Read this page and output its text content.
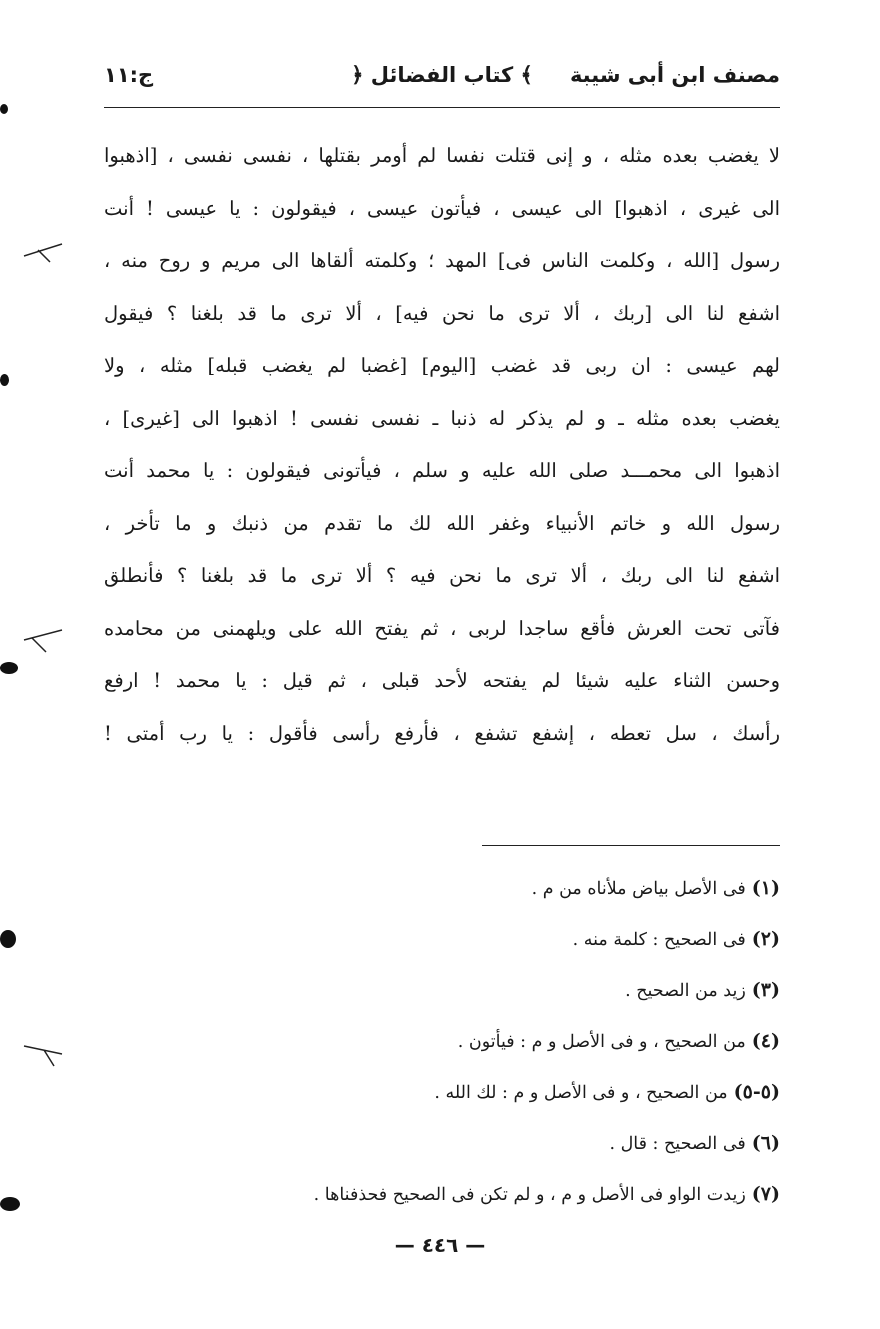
مصنف ابن أبى شيبة
﴿ كتاب الفضائل ﴾
ج:١١
لا يغضب بعده مثله ، و إنى قتلت نفسا لم أومر بقتلها ، نفسى نفسى ، [اذهبوا
الى غيرى ، اذهبوا] الى عيسى ، فيأتون عيسى ، فيقولون : يا عيسى ! أنت
رسول [الله ، وكلمت الناس فى] المهد ؛ وكلمته ألقاها الى مريم و روح منه ،
اشفع لنا الى [ربك ، ألا ترى ما نحن فيه] ، ألا ترى ما قد بلغنا ؟ فيقول
لهم عيسى : ان ربى قد غضب [اليوم] [غضبا لم يغضب قبله] مثله ، ولا
يغضب بعده مثله ـ و لم يذكر له ذنبا ـ نفسى نفسى ! اذهبوا الى [غيرى] ،
اذهبوا الى محمـــد صلى الله عليه و سلم ، فيأتونى فيقولون : يا محمد أنت
رسول الله و خاتم الأنبياء وغفر الله لك ما تقدم من ذنبك و ما تأخر ،
اشفع لنا الى ربك ، ألا ترى ما نحن فيه ؟ ألا ترى ما قد بلغنا ؟ فأنطلق
فآتى تحت العرش فأقع ساجدا لربى ، ثم يفتح الله على ويلهمنى من محامده
وحسن الثناء عليه شيئا لم يفتحه لأحد قبلى ، ثم قيل : يا محمد ! ارفع
رأسك ، سل تعطه ، إشفع تشفع ، فأرفع رأسى فأقول : يا رب أمتى !
(١)فى الأصل بياض ملأناه من م .
(٢)فى الصحيح : كلمة منه .
(٣)زيد من الصحيح .
(٤)من الصحيح ، و فى الأصل و م : فيأتون .
(٥-٥)من الصحيح ، و فى الأصل و م : لك الله .
(٦)فى الصحيح : قال .
(٧)زيدت الواو فى الأصل و م ، و لم تكن فى الصحيح فحذفناها .
— ٤٤٦ —
